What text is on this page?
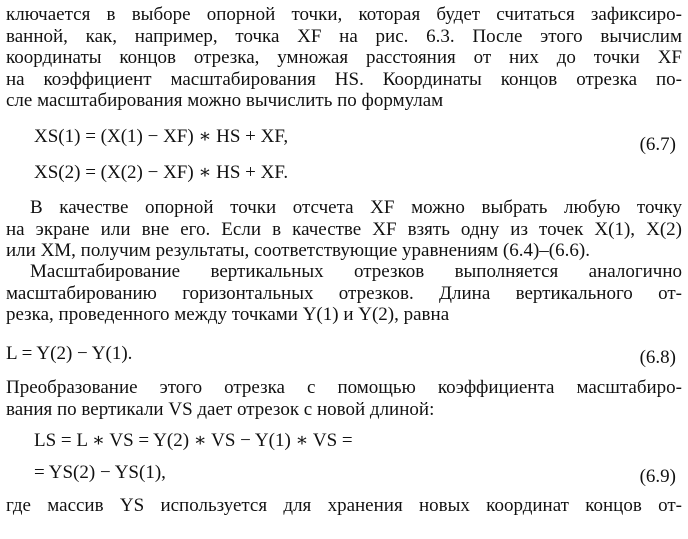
ключается в выборе опорной точки, которая будет считаться зафиксиро-
ванной, как, например, точка XF на рис. 6.3. После этого вычислим
координаты концов отрезка, умножая расстояния от них до точки XF
на коэффициент масштабирования HS. Координаты концов отрезка по-
сле масштабирования можно вычислить по формулам

XS(1) = (X(1) − XF) ∗ HS + XF,	(6.7)
XS(2) = (X(2) − XF) ∗ HS + XF.

В качестве опорной точки отсчета XF можно выбрать любую точку
на экране или вне его. Если в качестве XF взять одну из точек X(1), X(2)
или XM, получим результаты, соответствующие уравнениям (6.4)–(6.6).

Масштабирование вертикальных отрезков выполняется аналогично
масштабированию горизонтальных отрезков. Длина вертикального от-
резка, проведенного между точками Y(1) и Y(2), равна

L = Y(2) − Y(1).	(6.8)

Преобразование этого отрезка с помощью коэффициента масштабиро-
вания по вертикали VS дает отрезок с новой длиной:

LS = L ∗ VS = Y(2) ∗ VS − Y(1) ∗ VS =
= YS(2) − YS(1),	(6.9)

где массив YS используется для хранения новых координат концов от-
